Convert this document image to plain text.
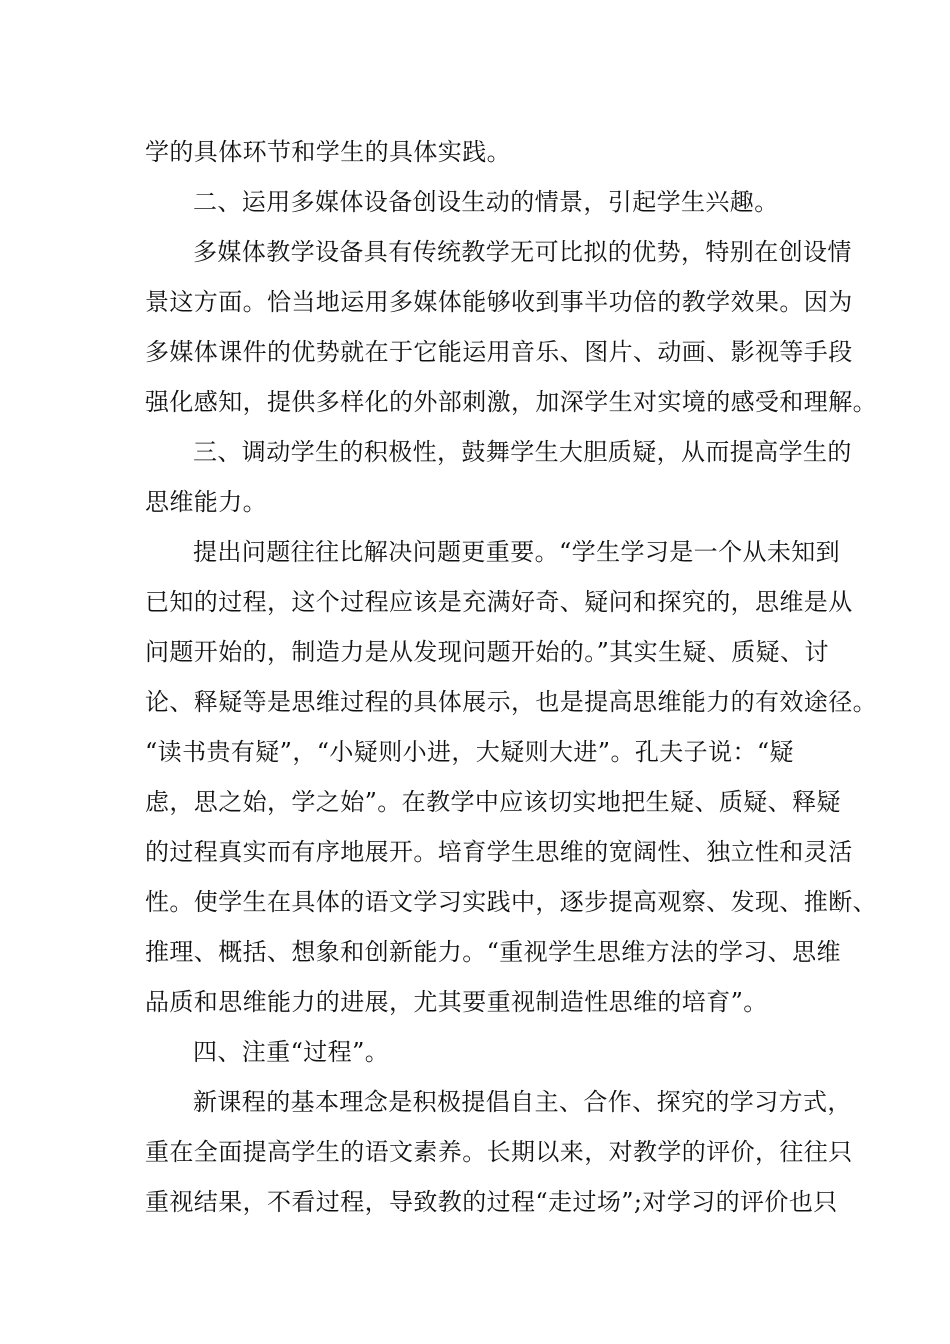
学的具体环节和学生的具体实践。

二、运用多媒体设备创设生动的情景，引起学生兴趣。

多媒体教学设备具有传统教学无可比拟的优势，特别在创设情

景这方面。恰当地运用多媒体能够收到事半功倍的教学效果。因为

多媒体课件的优势就在于它能运用音乐、图片、动画、影视等手段

强化感知，提供多样化的外部刺激，加深学生对实境的感受和理解。

三、调动学生的积极性，鼓舞学生大胆质疑，从而提高学生的

思维能力。

提出问题往往比解决问题更重要。“学生学习是一个从未知到

已知的过程，这个过程应该是充满好奇、疑问和探究的，思维是从

问题开始的，制造力是从发现问题开始的。”其实生疑、质疑、讨

论、释疑等是思维过程的具体展示，也是提高思维能力的有效途径。

“读书贵有疑”，“小疑则小进，大疑则大进”。孔夫子说：“疑

虑，思之始，学之始”。在教学中应该切实地把生疑、质疑、释疑

的过程真实而有序地展开。培育学生思维的宽阔性、独立性和灵活

性。使学生在具体的语文学习实践中，逐步提高观察、发现、推断、

推理、概括、想象和创新能力。“重视学生思维方法的学习、思维

品质和思维能力的进展，尤其要重视制造性思维的培育”。

四、注重“过程”。

新课程的基本理念是积极提倡自主、合作、探究的学习方式，

重在全面提高学生的语文素养。长期以来，对教学的评价，往往只

重视结果，不看过程，导致教的过程“走过场”;对学习的评价也只
